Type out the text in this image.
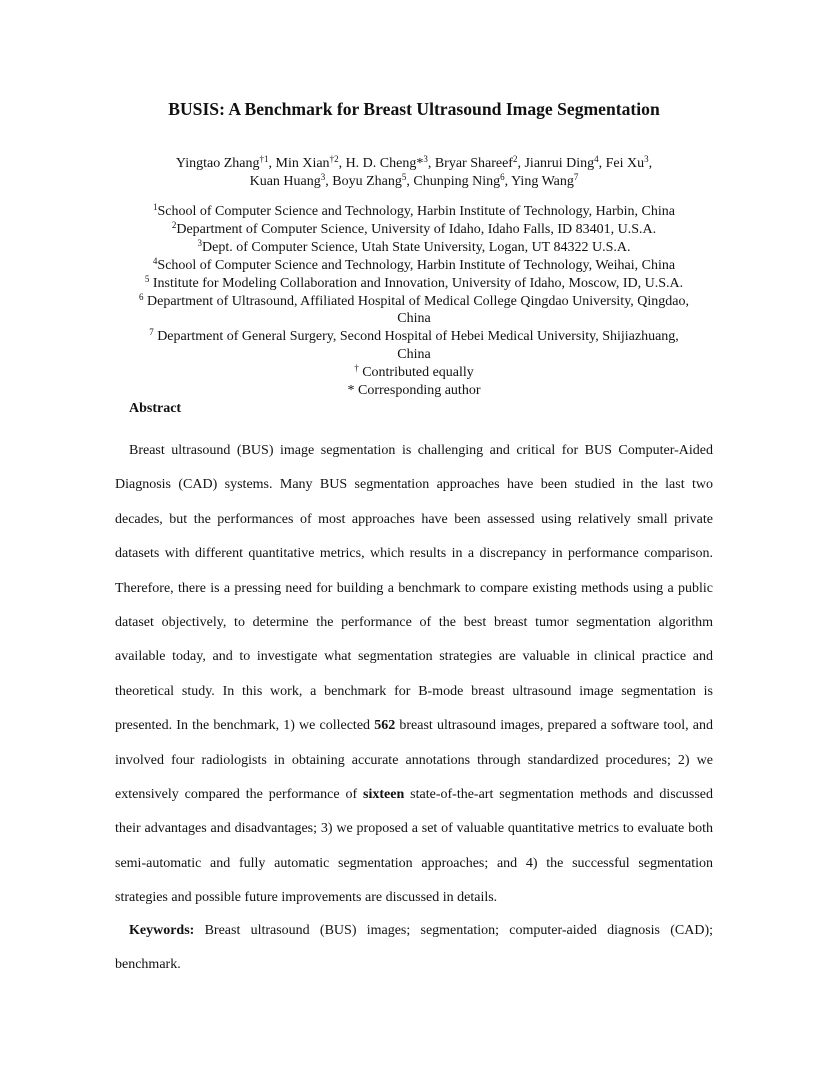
BUSIS: A Benchmark for Breast Ultrasound Image Segmentation
Yingtao Zhang$^{\dagger 1}$, Min Xian$^{\dagger 2}$, H. D. Cheng*$^3$, Bryar Shareef$^2$, Jianrui Ding$^4$, Fei Xu$^3$,
Kuan Huang$^3$, Boyu Zhang$^5$, Chunping Ning$^6$, Ying Wang$^7$
$^1$School of Computer Science and Technology, Harbin Institute of Technology, Harbin, China
$^2$Department of Computer Science, University of Idaho, Idaho Falls, ID 83401, U.S.A.
$^3$Dept. of Computer Science, Utah State University, Logan, UT 84322 U.S.A.
$^4$School of Computer Science and Technology, Harbin Institute of Technology, Weihai, China
$^5$ Institute for Modeling Collaboration and Innovation, University of Idaho, Moscow, ID, U.S.A.
$^6$ Department of Ultrasound, Affiliated Hospital of Medical College Qingdao University, Qingdao,
China
$^7$ Department of General Surgery, Second Hospital of Hebei Medical University, Shijiazhuang,
China
† Contributed equally
* Corresponding author
Abstract

Breast ultrasound (BUS) image segmentation is challenging and critical for BUS Computer-Aided Diagnosis (CAD) systems. Many BUS segmentation approaches have been studied in the last two decades, but the performances of most approaches have been assessed using relatively small private datasets with different quantitative metrics, which results in a discrepancy in performance comparison. Therefore, there is a pressing need for building a benchmark to compare existing methods using a public dataset objectively, to determine the performance of the best breast tumor segmentation algorithm available today, and to investigate what segmentation strategies are valuable in clinical practice and theoretical study. In this work, a benchmark for B-mode breast ultrasound image segmentation is presented. In the benchmark, 1) we collected 562 breast ultrasound images, prepared a software tool, and involved four radiologists in obtaining accurate annotations through standardized procedures; 2) we extensively compared the performance of sixteen state-of-the-art segmentation methods and discussed their advantages and disadvantages; 3) we proposed a set of valuable quantitative metrics to evaluate both semi-automatic and fully automatic segmentation approaches; and 4) the successful segmentation strategies and possible future improvements are discussed in details.

Keywords: Breast ultrasound (BUS) images; segmentation; computer-aided diagnosis (CAD); benchmark.
